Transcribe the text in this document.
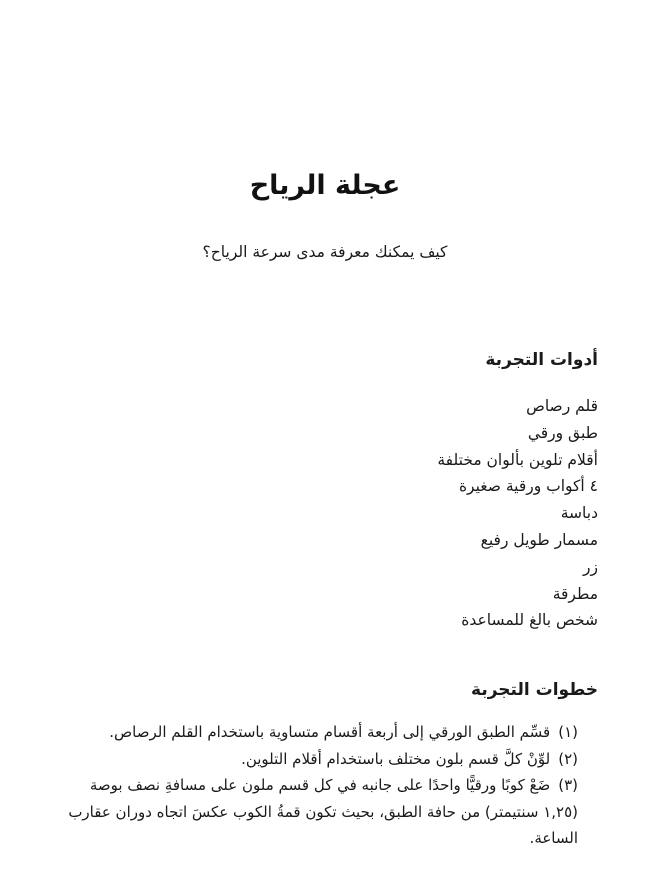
عجلة الرياح

كيف يمكنك معرفة مدى سرعة الرياح؟

أدوات التجربة
قلم رصاص
طبق ورقي
أقلام تلوين بألوان مختلفة
٤ أكواب ورقية صغيرة
دباسة
مسمار طويل رفيع
زر
مطرقة
شخص بالغ للمساعدة
خطوات التجربة
(١)قسِّم الطبق الورقي إلى أربعة أقسام متساوية باستخدام القلم الرصاص.
(٢)لوِّنْ كلَّ قسم بلون مختلف باستخدام أقلام التلوين.
(٣)ضَعْ كوبًا ورقيًّا واحدًا على جانبه في كل قسم ملون على مسافةِ نصف بوصة (١,٢٥ سنتيمتر) من حافة الطبق، بحيث تكون قمةُ الكوب عكسَ اتجاه دوران عقارب الساعة.
